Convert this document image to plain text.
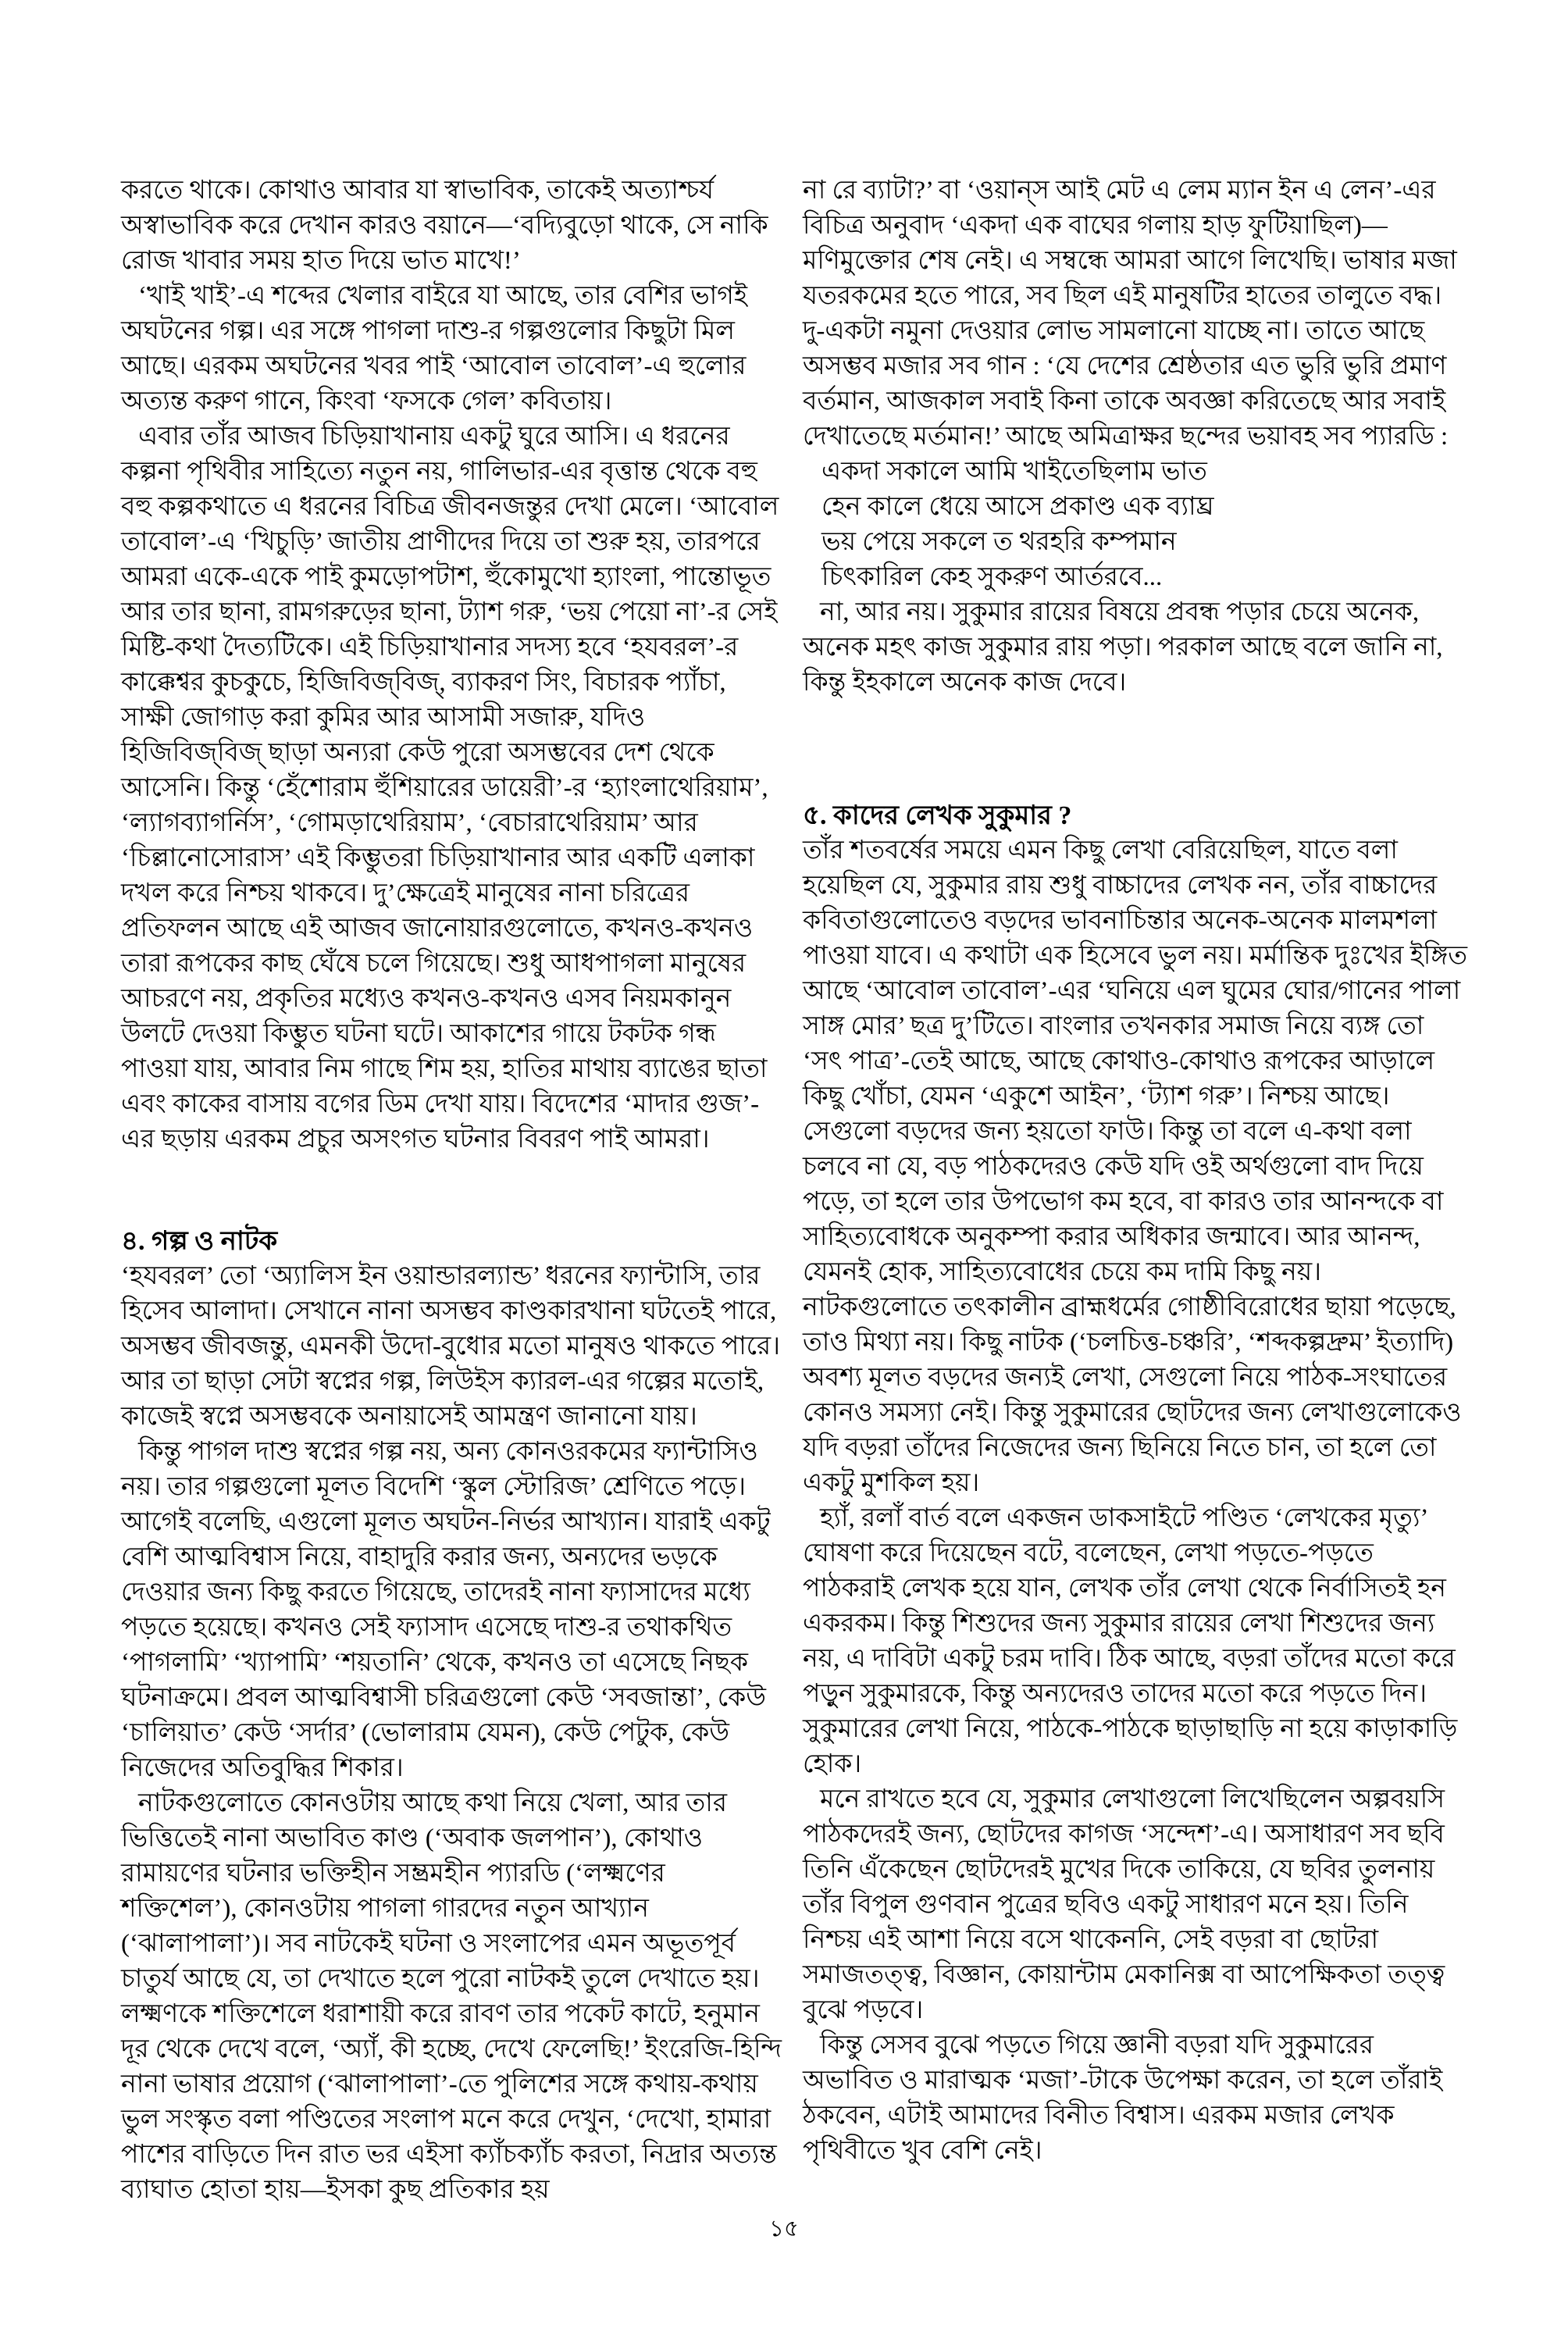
করতে থাকে। কোথাও আবার যা স্বাভাবিক, তাকেই অত্যাশ্চর্য অস্বাভাবিক করে দেখান কারও বয়ানে—‘বদ্যিবুড়ো থাকে, সে নাকি রোজ খাবার সময় হাত দিয়ে ভাত মাখে!’

‘খাই খাই’-এ শব্দের খেলার বাইরে যা আছে, তার বেশির ভাগই অঘটনের গল্প। এর সঙ্গে পাগলা দাশু-র গল্পগুলোর কিছুটা মিল আছে। এরকম অঘটনের খবর পাই ‘আবোল তাবোল’-এ হুলোর অত্যন্ত করুণ গানে, কিংবা ‘ফসকে গেল’ কবিতায়।

এবার তাঁর আজব চিড়িয়াখানায় একটু ঘুরে আসি। এ ধরনের কল্পনা পৃথিবীর সাহিত্যে নতুন নয়, গালিভার-এর বৃত্তান্ত থেকে বহু বহু কল্পকথাতে এ ধরনের বিচিত্র জীবনজন্তুর দেখা মেলে। ‘আবোল তাবোল’-এ ‘খিচুড়ি’ জাতীয় প্রাণীদের দিয়ে তা শুরু হয়, তারপরে আমরা একে-একে পাই কুমড়োপটাশ, হুঁকোমুখো হ্যাংলা, পান্তোভূত আর তার ছানা, রামগরুড়ের ছানা, ট্যাশ গরু, ‘ভয় পেয়ো না’-র সেই মিষ্টি-কথা দৈত্যটিকে। এই চিড়িয়াখানার সদস্য হবে ‘হযবরল’-র কাক্কেশ্বর কুচকুচে, হিজিবিজ্‌বিজ্‌, ব্যাকরণ সিং, বিচারক প্যাঁচা, সাক্ষী জোগাড় করা কুমির আর আসামী সজারু, যদিও হিজিবিজ্‌বিজ্‌ ছাড়া অন্যরা কেউ পুরো অসম্ভবের দেশ থেকে আসেনি। কিন্তু ‘হেঁশোরাম হুঁশিয়ারের ডায়েরী’-র ‘হ্যাংলাথেরিয়াম’, ‘ল্যাগব্যাগর্নিস’, ‘গোমড়াথেরিয়াম’, ‘বেচারাথেরিয়াম’ আর ‘চিল্লানোসোরাস’ এই কিম্ভুতরা চিড়িয়াখানার আর একটি এলাকা দখল করে নিশ্চয় থাকবে। দু’ক্ষেত্রেই মানুষের নানা চরিত্রের প্রতিফলন আছে এই আজব জানোয়ারগুলোতে, কখনও-কখনও তারা রূপকের কাছ ঘেঁষে চলে গিয়েছে। শুধু আধপাগলা মানুষের আচরণে নয়, প্রকৃতির মধ্যেও কখনও-কখনও এসব নিয়মকানুন উলটে দেওয়া কিম্ভুত ঘটনা ঘটে। আকাশের গায়ে টকটক গন্ধ পাওয়া যায়, আবার নিম গাছে শিম হয়, হাতির মাথায় ব্যাঙের ছাতা এবং কাকের বাসায় বগের ডিম দেখা যায়। বিদেশের ‘মাদার গুজ’-এর ছড়ায় এরকম প্রচুর অসংগত ঘটনার বিবরণ পাই আমরা।

৪. গল্প ও নাটক

‘হযবরল’ তো ‘অ্যালিস ইন ওয়ান্ডারল্যান্ড’ ধরনের ফ্যান্টাসি, তার হিসেব আলাদা। সেখানে নানা অসম্ভব কাণ্ডকারখানা ঘটতেই পারে, অসম্ভব জীবজন্তু, এমনকী উদো-বুধোর মতো মানুষও থাকতে পারে। আর তা ছাড়া সেটা স্বপ্নের গল্প, লিউইস ক্যারল-এর গল্পের মতোই, কাজেই স্বপ্নে অসম্ভবকে অনায়াসেই আমন্ত্রণ জানানো যায়।

কিন্তু পাগল দাশু স্বপ্নের গল্প নয়, অন্য কোনওরকমের ফ্যান্টাসিও নয়। তার গল্পগুলো মূলত বিদেশি ‘স্কুল স্টোরিজ’ শ্রেণিতে পড়ে। আগেই বলেছি, এগুলো মূলত অঘটন-নির্ভর আখ্যান। যারাই একটু বেশি আত্মবিশ্বাস নিয়ে, বাহাদুরি করার জন্য, অন্যদের ভড়কে দেওয়ার জন্য কিছু করতে গিয়েছে, তাদেরই নানা ফ্যাসাদের মধ্যে পড়তে হয়েছে। কখনও সেই ফ্যাসাদ এসেছে দাশু-র তথাকথিত ‘পাগলামি’ ‘খ্যাপামি’ ‘শয়তানি’ থেকে, কখনও তা এসেছে নিছক ঘটনাক্রমে। প্রবল আত্মবিশ্বাসী চরিত্রগুলো কেউ ‘সবজান্তা’, কেউ ‘চালিয়াত’ কেউ ‘সর্দার’ (ভোলারাম যেমন), কেউ পেটুক, কেউ নিজেদের অতিবুদ্ধির শিকার।

নাটকগুলোতে কোনওটায় আছে কথা নিয়ে খেলা, আর তার ভিত্তিতেই নানা অভাবিত কাণ্ড (‘অবাক জলপান’), কোথাও রামায়ণের ঘটনার ভক্তিহীন সম্ভ্রমহীন প্যারডি (‘লক্ষ্মণের শক্তিশেল’), কোনওটায় পাগলা গারদের নতুন আখ্যান (‘ঝালাপালা’)। সব নাটকেই ঘটনা ও সংলাপের এমন অভূতপূর্ব চাতুর্য আছে যে, তা দেখাতে হলে পুরো নাটকই তুলে দেখাতে হয়। লক্ষ্মণকে শক্তিশেলে ধরাশায়ী করে রাবণ তার পকেট কাটে, হনুমান দূর থেকে দেখে বলে, ‘অ্যাঁ, কী হচ্ছে, দেখে ফেলেছি!’ ইংরেজি-হিন্দি নানা ভাষার প্রয়োগ (‘ঝালাপালা’-তে পুলিশের সঙ্গে কথায়-কথায় ভুল সংস্কৃত বলা পণ্ডিতের সংলাপ মনে করে দেখুন, ‘দেখো, হামারা পাশের বাড়িতে দিন রাত ভর এইসা ক্যাঁচক্যাঁচ করতা, নিদ্রার অত্যন্ত ব্যাঘাত হোতা হায়—ইসকা কুছ প্রতিকার হয়

না রে ব্যাটা?’ বা ‘ওয়ান্‌স আই মেট এ লেম ম্যান ইন এ লেন’-এর বিচিত্র অনুবাদ ‘একদা এক বাঘের গলায় হাড় ফুটিয়াছিল)—মণিমুক্তোর শেষ নেই। এ সম্বন্ধে আমরা আগে লিখেছি। ভাষার মজা যতরকমের হতে পারে, সব ছিল এই মানুষটির হাতের তালুতে বদ্ধ। দু-একটা নমুনা দেওয়ার লোভ সামলানো যাচ্ছে না। তাতে আছে অসম্ভব মজার সব গান : ‘যে দেশের শ্রেষ্ঠতার এত ভুরি ভুরি প্রমাণ বর্তমান, আজকাল সবাই কিনা তাকে অবজ্ঞা করিতেছে আর সবাই দেখাতেছে মর্তমান!’ আছে অমিত্রাক্ষর ছন্দের ভয়াবহ সব প্যারডি :

একদা সকালে আমি খাইতেছিলাম ভাত

হেন কালে ধেয়ে আসে প্রকাণ্ড এক ব্যাঘ্র

ভয় পেয়ে সকলে ত থরহরি কম্পমান

চিৎকারিল কেহ সুকরুণ আর্তরবে...

না, আর নয়। সুকুমার রায়ের বিষয়ে প্রবন্ধ পড়ার চেয়ে অনেক, অনেক মহৎ কাজ সুকুমার রায় পড়া। পরকাল আছে বলে জানি না, কিন্তু ইহকালে অনেক কাজ দেবে।

৫. কাদের লেখক সুকুমার ?

তাঁর শতবর্ষের সময়ে এমন কিছু লেখা বেরিয়েছিল, যাতে বলা হয়েছিল যে, সুকুমার রায় শুধু বাচ্চাদের লেখক নন, তাঁর বাচ্চাদের কবিতাগুলোতেও বড়দের ভাবনাচিন্তার অনেক-অনেক মালমশলা পাওয়া যাবে। এ কথাটা এক হিসেবে ভুল নয়। মর্মান্তিক দুঃখের ইঙ্গিত আছে ‘আবোল তাবোল’-এর ‘ঘনিয়ে এল ঘুমের ঘোর/গানের পালা সাঙ্গ মোর’ ছত্র দু’টিতে। বাংলার তখনকার সমাজ নিয়ে ব্যঙ্গ তো ‘সৎ পাত্র’-তেই আছে, আছে কোথাও-কোথাও রূপকের আড়ালে কিছু খোঁচা, যেমন ‘একুশে আইন’, ‘ট্যাশ গরু’। নিশ্চয় আছে। সেগুলো বড়দের জন্য হয়তো ফাউ। কিন্তু তা বলে এ-কথা বলা চলবে না যে, বড় পাঠকদেরও কেউ যদি ওই অর্থগুলো বাদ দিয়ে পড়ে, তা হলে তার উপভোগ কম হবে, বা কারও তার আনন্দকে বা সাহিত্যবোধকে অনুকম্পা করার অধিকার জন্মাবে। আর আনন্দ, যেমনই হোক, সাহিত্যবোধের চেয়ে কম দামি কিছু নয়। নাটকগুলোতে তৎকালীন ব্রাহ্মধর্মের গোষ্ঠীবিরোধের ছায়া পড়েছে, তাও মিথ্যা নয়। কিছু নাটক (‘চলচিত্ত-চঞ্চরি’, ‘শব্দকল্পদ্রুম’ ইত্যাদি) অবশ্য মূলত বড়দের জন্যই লেখা, সেগুলো নিয়ে পাঠক-সংঘাতের কোনও সমস্যা নেই। কিন্তু সুকুমারের ছোটদের জন্য লেখাগুলোকেও যদি বড়রা তাঁদের নিজেদের জন্য ছিনিয়ে নিতে চান, তা হলে তো একটু মুশকিল হয়।

হ্যাঁ, রলাঁ বার্ত বলে একজন ডাকসাইটে পণ্ডিত ‘লেখকের মৃত্যু’ ঘোষণা করে দিয়েছেন বটে, বলেছেন, লেখা পড়তে-পড়তে পাঠকরাই লেখক হয়ে যান, লেখক তাঁর লেখা থেকে নির্বাসিতই হন একরকম। কিন্তু শিশুদের জন্য সুকুমার রায়ের লেখা শিশুদের জন্য নয়, এ দাবিটা একটু চরম দাবি। ঠিক আছে, বড়রা তাঁদের মতো করে পড়ুন সুকুমারকে, কিন্তু অন্যদেরও তাদের মতো করে পড়তে দিন। সুকুমারের লেখা নিয়ে, পাঠকে-পাঠকে ছাড়াছাড়ি না হয়ে কাড়াকাড়ি হোক।

মনে রাখতে হবে যে, সুকুমার লেখাগুলো লিখেছিলেন অল্পবয়সি পাঠকদেরই জন্য, ছোটদের কাগজ ‘সন্দেশ’-এ। অসাধারণ সব ছবি তিনি এঁকেছেন ছোটদেরই মুখের দিকে তাকিয়ে, যে ছবির তুলনায় তাঁর বিপুল গুণবান পুত্রের ছবিও একটু সাধারণ মনে হয়। তিনি নিশ্চয় এই আশা নিয়ে বসে থাকেননি, সেই বড়রা বা ছোটরা সমাজতত্ত্ব, বিজ্ঞান, কোয়ান্টাম মেকানিক্স বা আপেক্ষিকতা তত্ত্ব বুঝে পড়বে।

কিন্তু সেসব বুঝে পড়তে গিয়ে জ্ঞানী বড়রা যদি সুকুমারের অভাবিত ও মারাত্মক ‘মজা’-টাকে উপেক্ষা করেন, তা হলে তাঁরাই ঠকবেন, এটাই আমাদের বিনীত বিশ্বাস। এরকম মজার লেখক পৃথিবীতে খুব বেশি নেই।

১৫
